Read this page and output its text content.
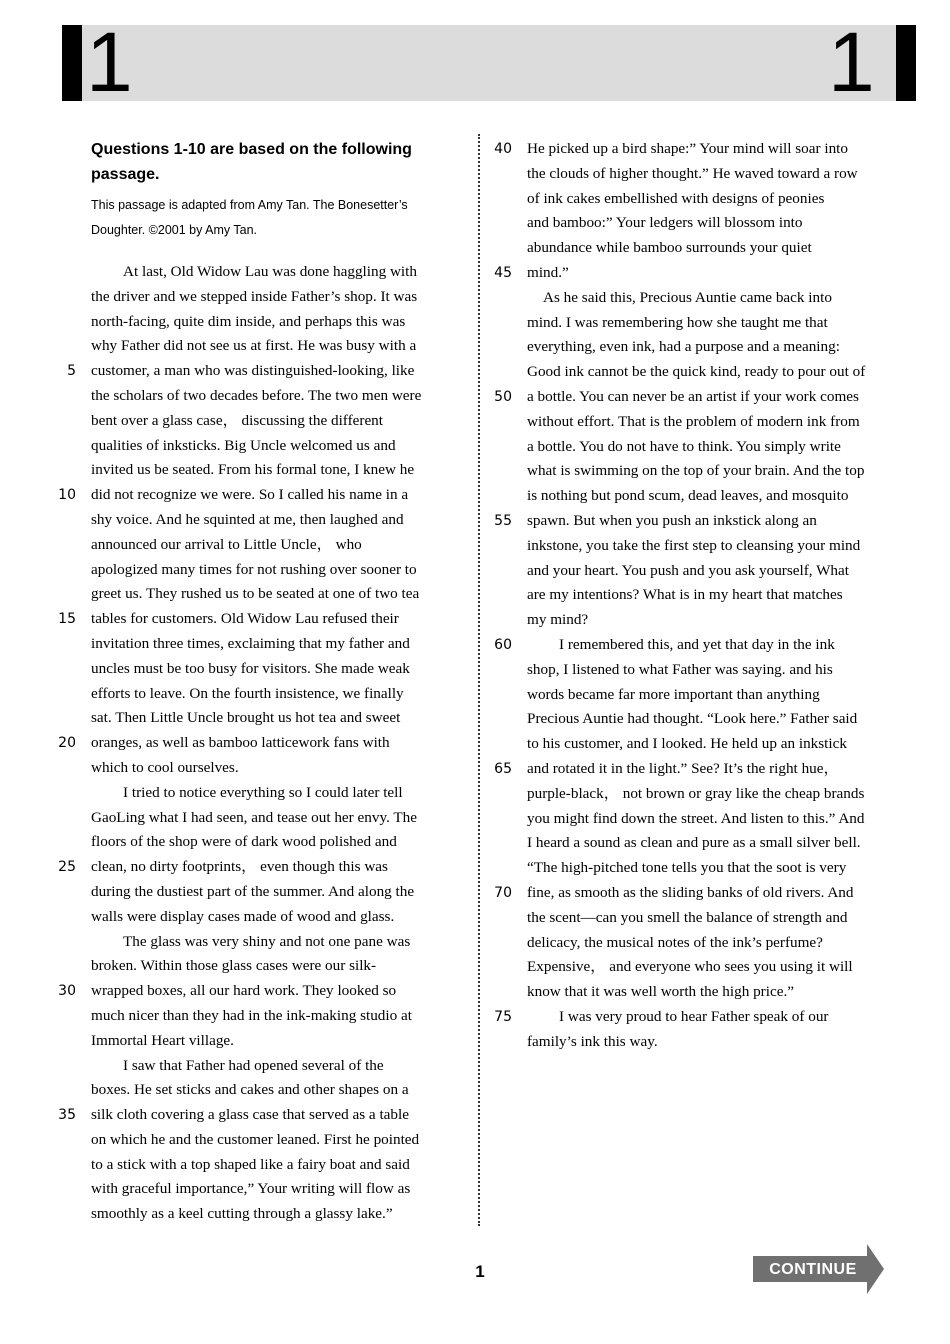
1	1

Questions 1-10 are based on the following passage.

This passage is adapted from Amy Tan. The Bonesetter’s Doughter. ©2001 by Amy Tan.

At last, Old Widow Lau was done haggling with
the driver and we stepped inside Father’s shop. It was
north-facing, quite dim inside, and perhaps this was
why Father did not see us at first. He was busy with a
customer, a man who was distinguished-looking, like
the scholars of two decades before. The two men were
bent over a glass case， discussing the different
qualities of inksticks. Big Uncle welcomed us and
invited us be seated. From his formal tone, I knew he
did not recognize we were. So I called his name in a
shy voice. And he squinted at me, then laughed and
announced our arrival to Little Uncle， who
apologized many times for not rushing over sooner to
greet us. They rushed us to be seated at one of two tea
tables for customers. Old Widow Lau refused their
invitation three times, exclaiming that my father and
uncles must be too busy for visitors. She made weak
efforts to leave. On the fourth insistence, we finally
sat. Then Little Uncle brought us hot tea and sweet
oranges, as well as bamboo latticework fans with
which to cool ourselves.
I tried to notice everything so I could later tell
GaoLing what I had seen, and tease out her envy. The
floors of the shop were of dark wood polished and
clean, no dirty footprints， even though this was
during the dustiest part of the summer. And along the
walls were display cases made of wood and glass.
The glass was very shiny and not one pane was
broken. Within those glass cases were our silk-
wrapped boxes, all our hard work. They looked so
much nicer than they had in the ink-making studio at
Immortal Heart village.
I saw that Father had opened several of the
boxes. He set sticks and cakes and other shapes on a
silk cloth covering a glass case that served as a table
on which he and the customer leaned. First he pointed
to a stick with a top shaped like a fairy boat and said
with graceful importance,” Your writing will flow as
smoothly as a keel cutting through a glassy lake.”
5
10
15
20
25
30
35
He picked up a bird shape:” Your mind will soar into
the clouds of higher thought.” He waved toward a row
of ink cakes embellished with designs of peonies
and bamboo:” Your ledgers will blossom into
abundance while bamboo surrounds your quiet
mind.”
As he said this, Precious Auntie came back into
mind. I was remembering how she taught me that
everything, even ink, had a purpose and a meaning:
Good ink cannot be the quick kind, ready to pour out of
a bottle. You can never be an artist if your work comes
without effort. That is the problem of modern ink from
a bottle. You do not have to think. You simply write
what is swimming on the top of your brain. And the top
is nothing but pond scum, dead leaves, and mosquito
spawn. But when you push an inkstick along an
inkstone, you take the first step to cleansing your mind
and your heart. You push and you ask yourself, What
are my intentions? What is in my heart that matches
my mind?
I remembered this, and yet that day in the ink
shop, I listened to what Father was saying. and his
words became far more important than anything
Precious Auntie had thought. “Look here.” Father said
to his customer, and I looked. He held up an inkstick
and rotated it in the light.” See? It’s the right hue，
purple-black， not brown or gray like the cheap brands
you might find down the street. And listen to this.” And
I heard a sound as clean and pure as a small silver bell.
“The high-pitched tone tells you that the soot is very
fine, as smooth as the sliding banks of old rivers. And
the scent—can you smell the balance of strength and
delicacy, the musical notes of the ink’s perfume?
Expensive， and everyone who sees you using it will
know that it was well worth the high price.”
I was very proud to hear Father speak of our
family’s ink this way.
40
45
50
55
60
65
70
75
1	CONTINUE
